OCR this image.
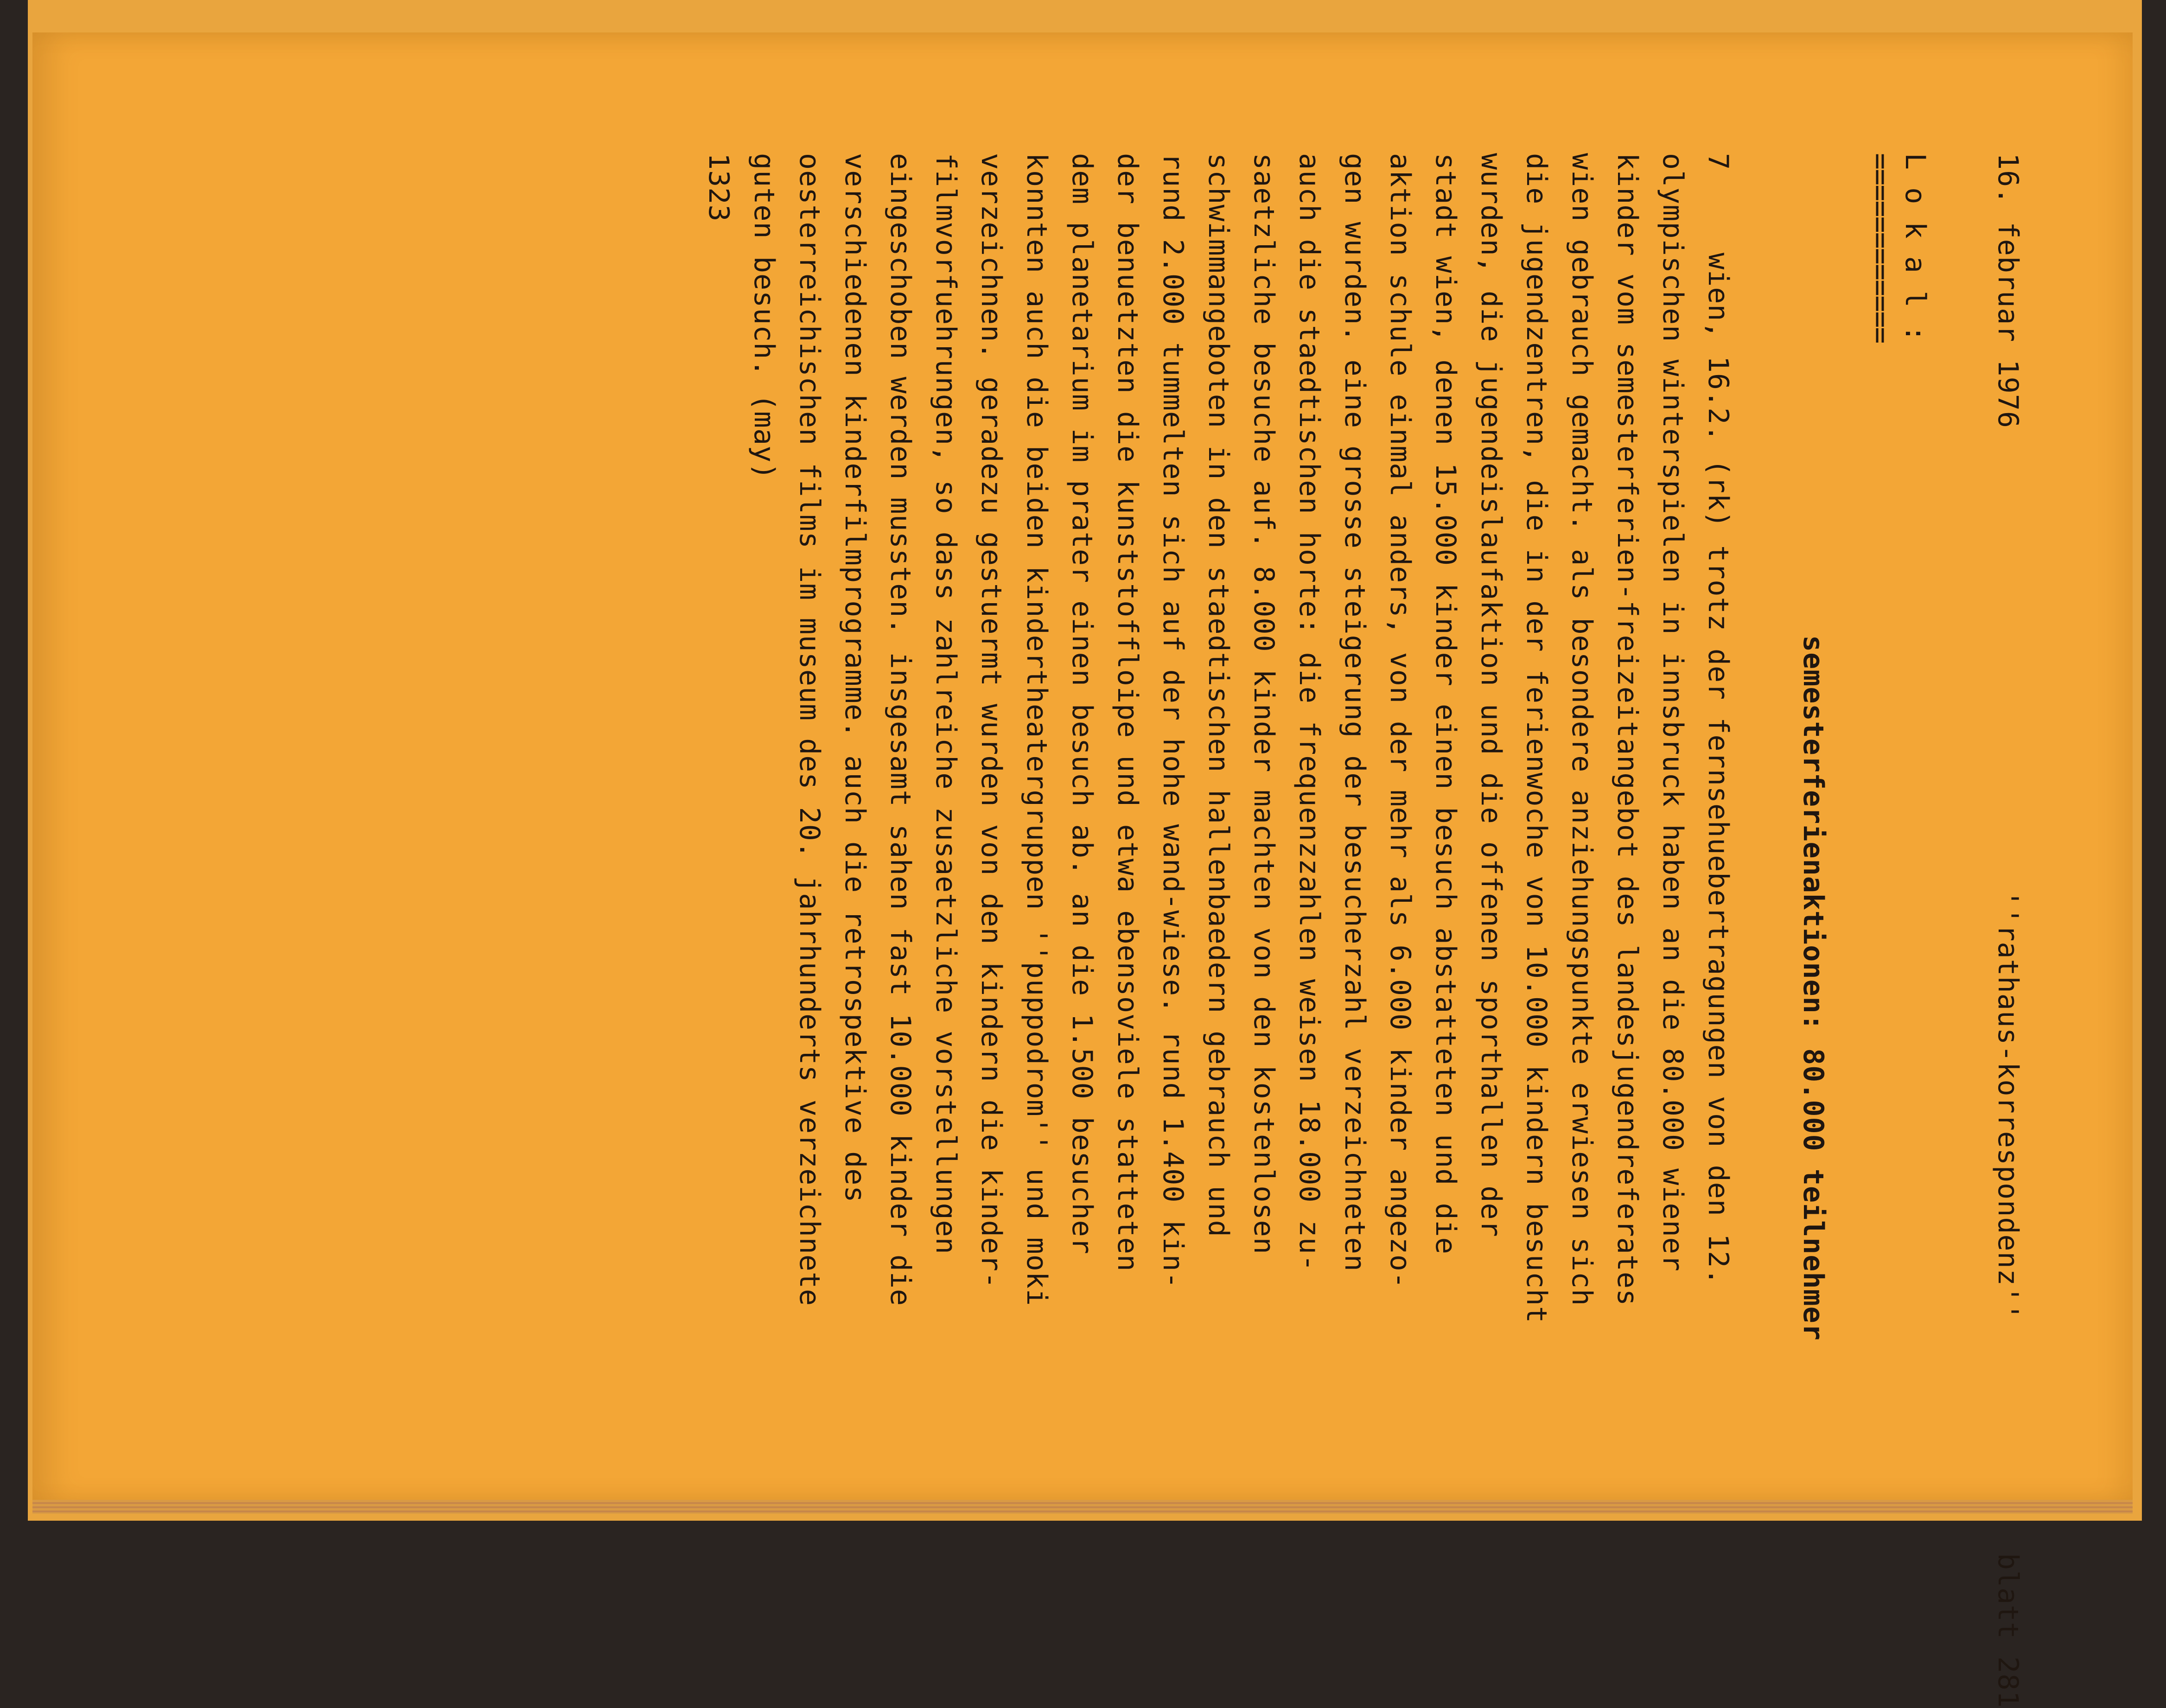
16. februar 1976
''rathaus-korrespondenz''
blatt 281
L o k a l :
============
semesterferienaktionen: 80.000 teilnehmer
7
wien, 16.2. (rk) trotz der fernsehuebertragungen von den 12.
olympischen winterspielen in innsbruck haben an die 80.000 wiener
kinder vom semesterferien-freizeitangebot des landesjugendreferates
wien gebrauch gemacht. als besondere anziehungspunkte erwiesen sich
die jugendzentren, die in der ferienwoche von 10.000 kindern besucht
wurden, die jugendeislaufaktion und die offenen sporthallen der
stadt wien, denen 15.000 kinder einen besuch abstatteten und die
aktion schule einmal anders, von der mehr als 6.000 kinder angezo-
gen wurden. eine grosse steigerung der besucherzahl verzeichneten
auch die staedtischen horte: die frequenzzahlen weisen 18.000 zu-
saetzliche besuche auf. 8.000 kinder machten von den kostenlosen
schwimmangeboten in den staedtischen hallenbaedern gebrauch und
rund 2.000 tummelten sich auf der hohe wand-wiese. rund 1.400 kin-
der benuetzten die kunststoffloipe und etwa ebensoviele statteten
dem planetarium im prater einen besuch ab. an die 1.500 besucher
konnten auch die beiden kindertheatergruppen ''puppodrom'' und moki
verzeichnen. geradezu gestuermt wurden von den kindern die kinder-
filmvorfuehrungen, so dass zahlreiche zusaetzliche vorstellungen
eingeschoben werden mussten. insgesamt sahen fast 10.000 kinder die
verschiedenen kinderfilmprogramme. auch die retrospektive des
oesterreichischen films im museum des 20. jahrhunderts verzeichnete
guten besuch. (may)
1323
